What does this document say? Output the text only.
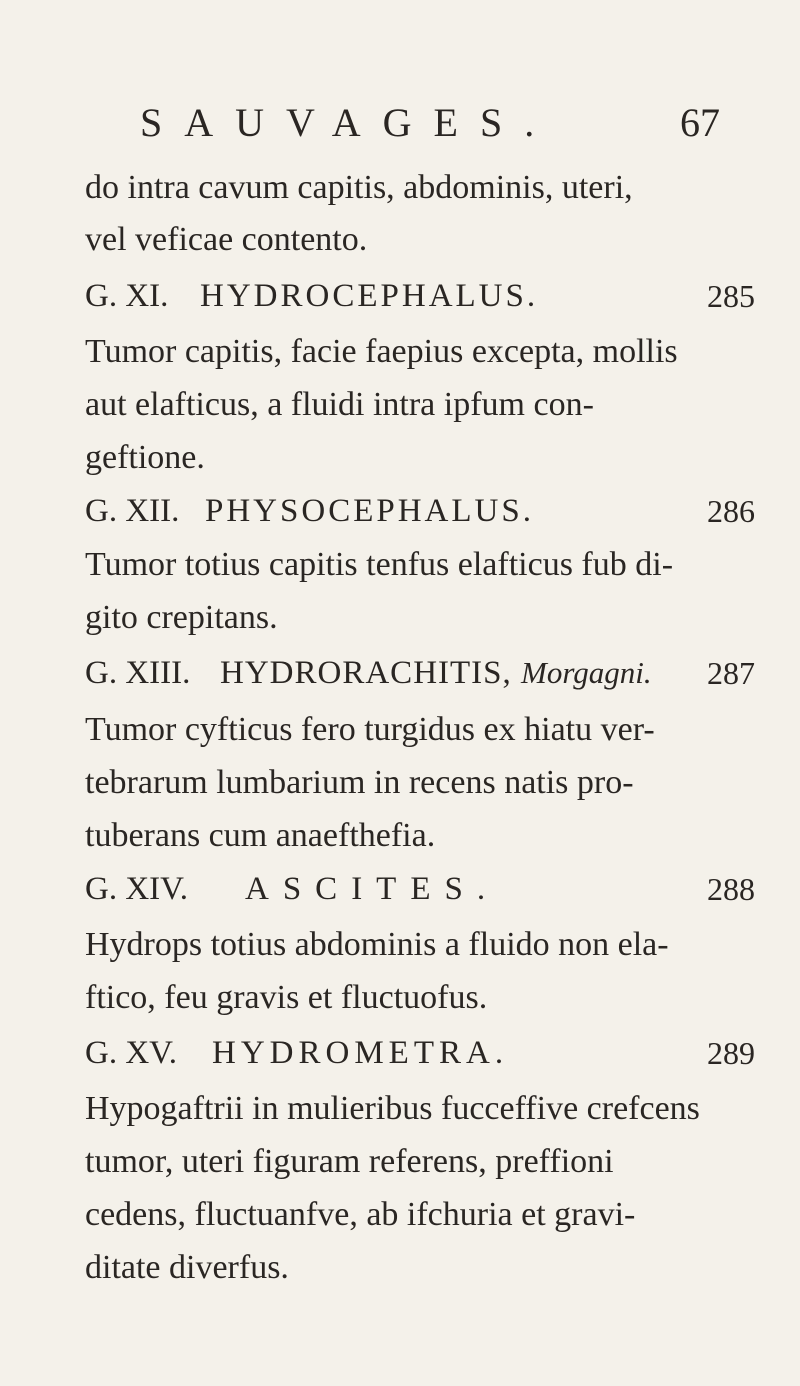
SAUVAGES.	67
do intra cavum capitis, abdominis, uteri,
vel veficae contento.
G. XI. HYDROCEPHALUS.	285
Tumor capitis, facie faepius excepta, mollis
aut elafticus, a fluidi intra ipfum con-
geftione.
G. XII. PHYSOCEPHALUS.	286
Tumor totius capitis tenfus elafticus fub di-
gito crepitans.
G. XIII. HYDRORACHITIS, Morgagni. 287
Tumor cyfticus fero turgidus ex hiatu ver-
tebrarum lumbarium in recens natis pro-
tuberans cum anaefthefia.
G. XIV. ASCITES.	288
Hydrops totius abdominis a fluido non ela-
ftico, feu gravis et fluctuofus.
G. XV. HYDROMETRA.	289
Hypogaftrii in mulieribus fucceffive crefcens
tumor, uteri figuram referens, preffioni
cedens, fluctuanfve, ab ifchuria et gravi-
ditate diverfus.
